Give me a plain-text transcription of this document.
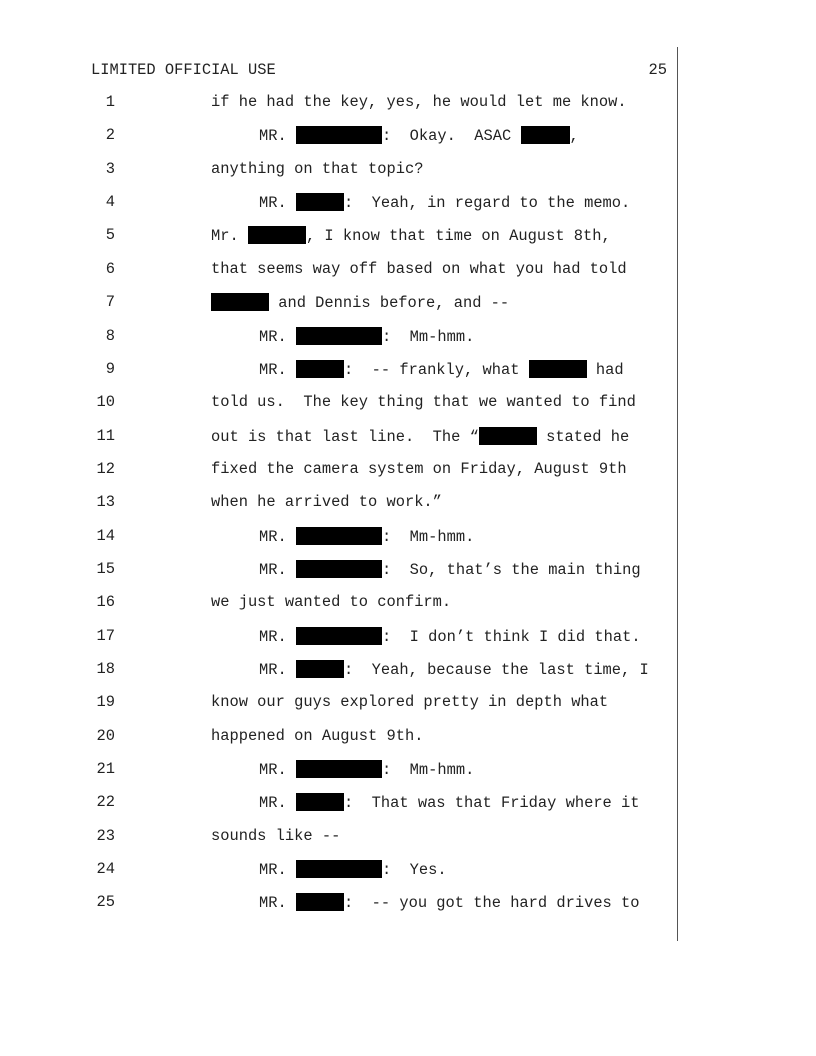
LIMITED OFFICIAL USE	25
1	if he had the key, yes, he would let me know.
2	MR.	:  Okay.  ASAC	,
3	anything on that topic?
4	MR.	:  Yeah, in regard to the memo.
5	Mr.	, I know that time on August 8th,
6	that seems way off based on what you had told
7	and Dennis before, and --
8	MR.	:  Mm-hmm.
9	MR.	:  -- frankly, what	had
10	told us.  The key thing that we wanted to find
11	out is that last line.  The “	stated he
12	fixed the camera system on Friday, August 9th
13	when he arrived to work.”
14	MR.	:  Mm-hmm.
15	MR.	:  So, that’s the main thing
16	we just wanted to confirm.
17	MR.	:  I don’t think I did that.
18	MR.	:  Yeah, because the last time, I
19	know our guys explored pretty in depth what
20	happened on August 9th.
21	MR.	:  Mm-hmm.
22	MR.	:  That was that Friday where it
23	sounds like --
24	MR.	:  Yes.
25	MR.	:  -- you got the hard drives to
